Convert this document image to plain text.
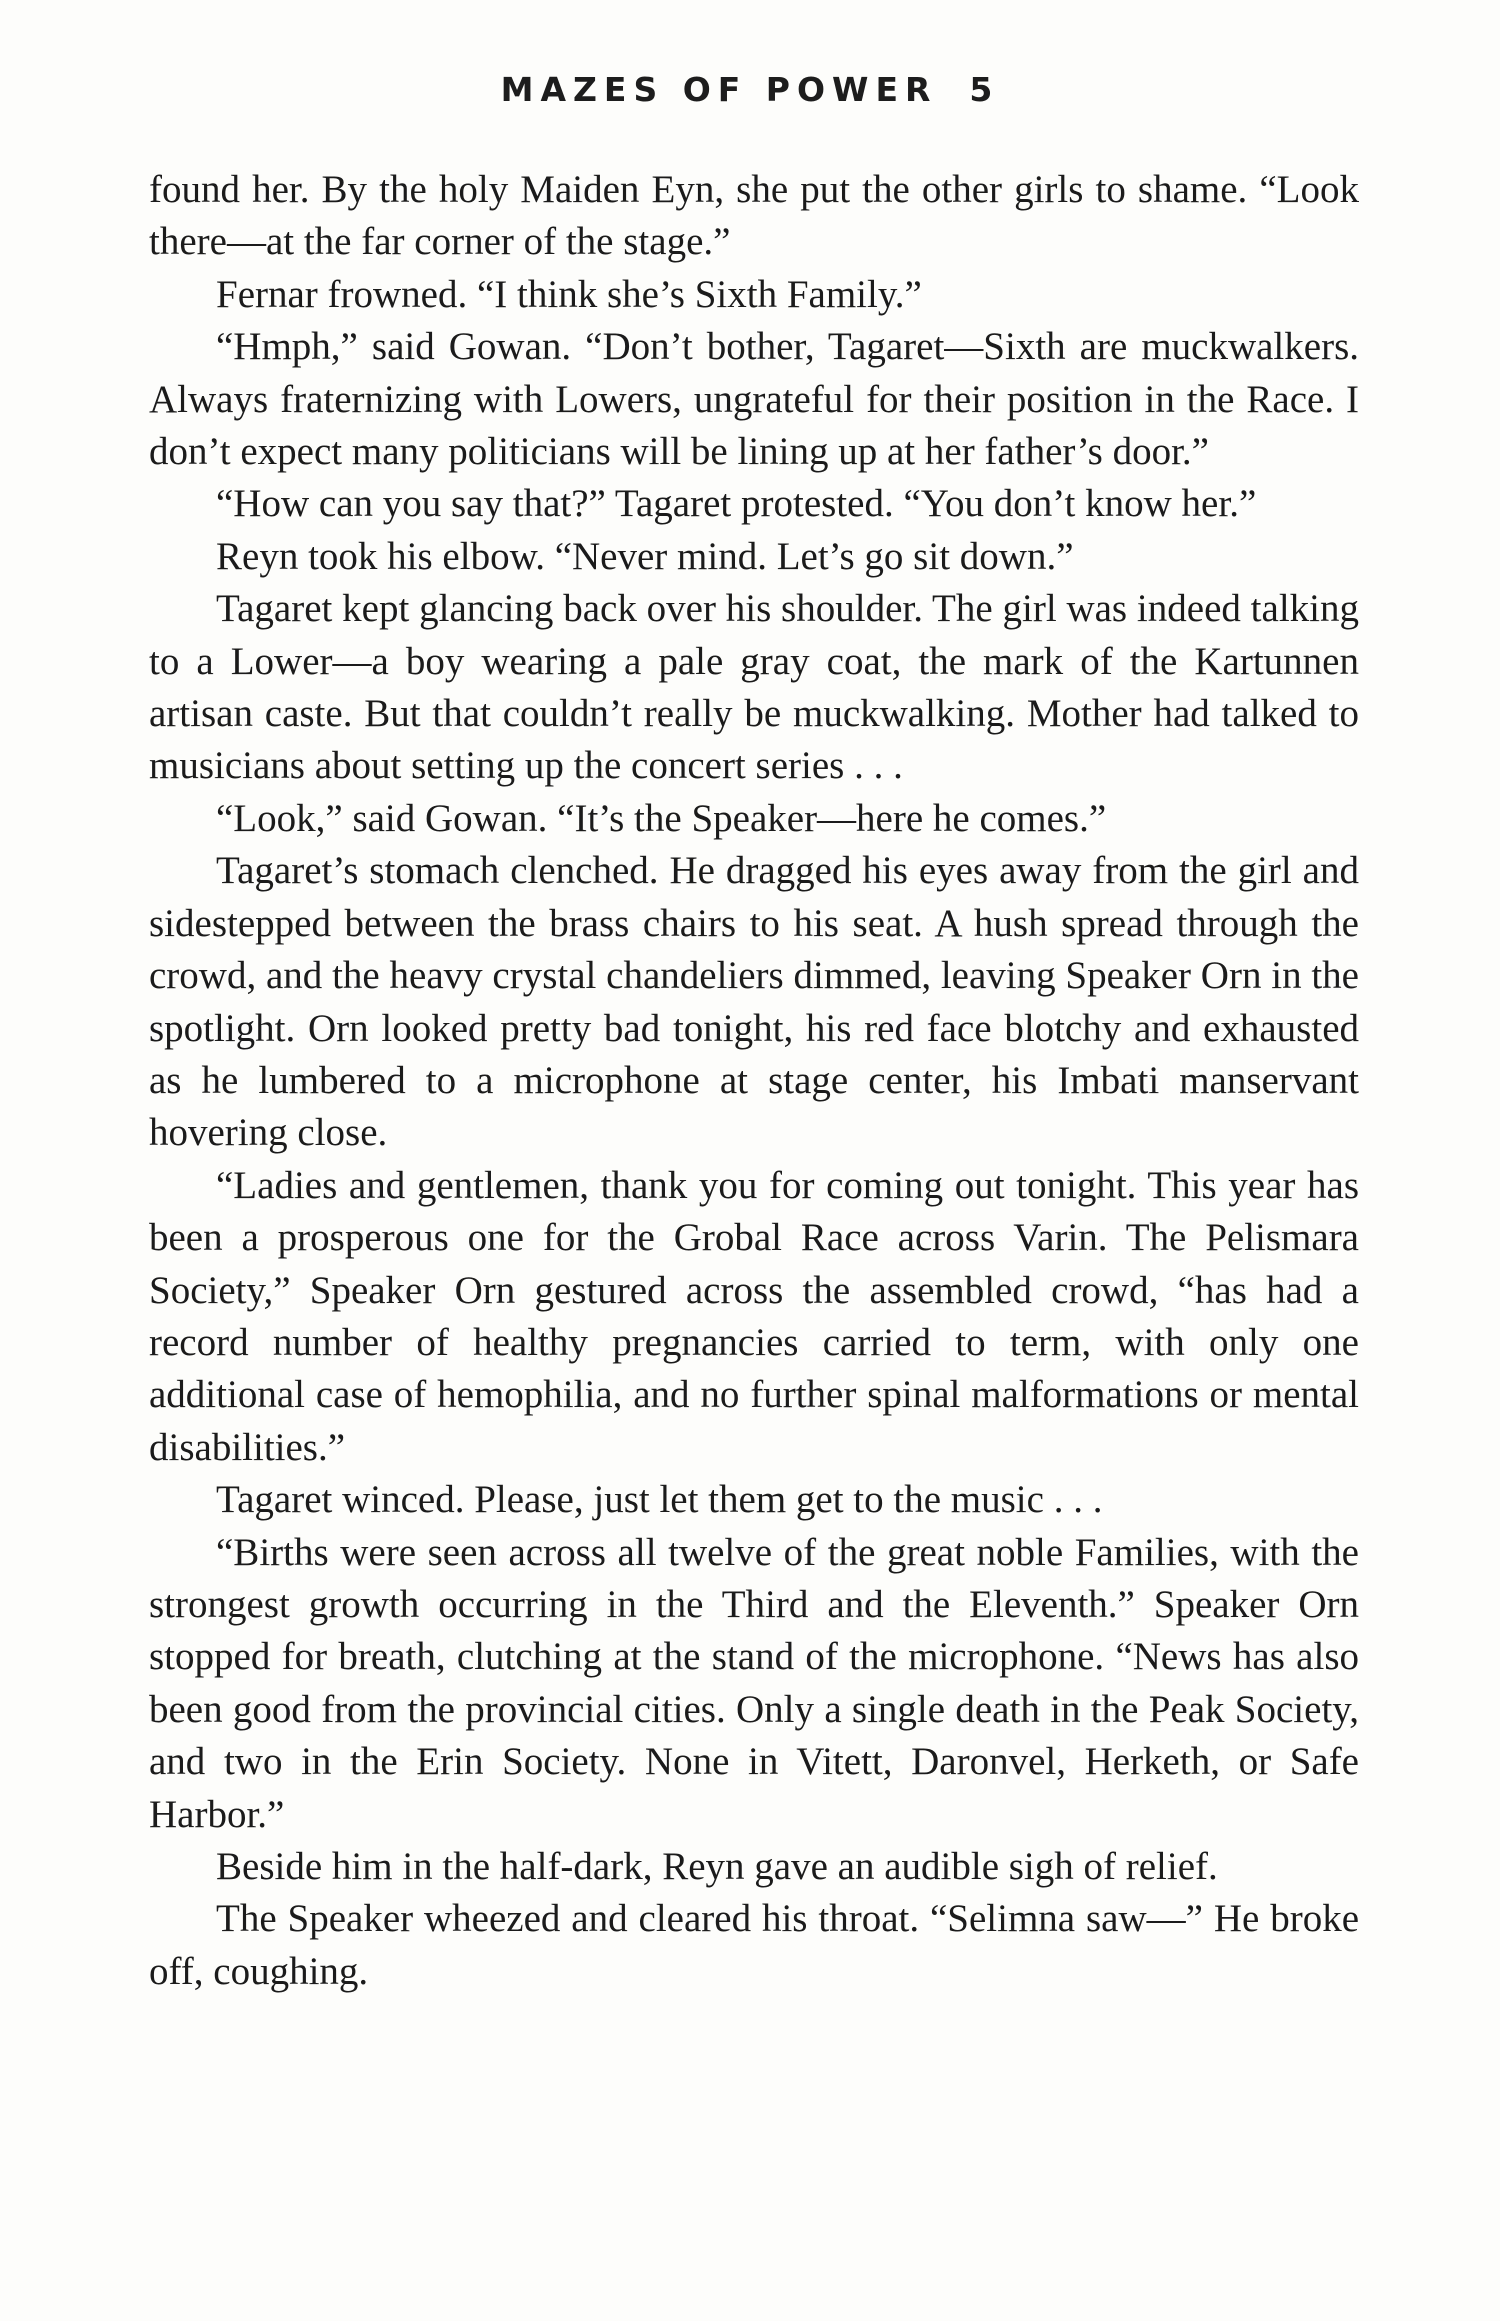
MAZES OF POWER 5

found her. By the holy Maiden Eyn, she put the other girls to shame. “Look there—at the far corner of the stage.”

Fernar frowned. “I think she’s Sixth Family.”

“Hmph,” said Gowan. “Don’t bother, Tagaret—Sixth are muckwalkers. Always fraternizing with Lowers, ungrateful for their position in the Race. I don’t expect many politicians will be lining up at her father’s door.”

“How can you say that?” Tagaret protested. “You don’t know her.”

Reyn took his elbow. “Never mind. Let’s go sit down.”

Tagaret kept glancing back over his shoulder. The girl was indeed talking to a Lower—a boy wearing a pale gray coat, the mark of the Kartunnen artisan caste. But that couldn’t really be muckwalking. Mother had talked to musicians about setting up the concert series . . .

“Look,” said Gowan. “It’s the Speaker—here he comes.”

Tagaret’s stomach clenched. He dragged his eyes away from the girl and sidestepped between the brass chairs to his seat. A hush spread through the crowd, and the heavy crystal chandeliers dimmed, leaving Speaker Orn in the spotlight. Orn looked pretty bad tonight, his red face blotchy and exhausted as he lumbered to a microphone at stage center, his Imbati manservant hovering close.

“Ladies and gentlemen, thank you for coming out tonight. This year has been a prosperous one for the Grobal Race across Varin. The Pelismara Society,” Speaker Orn gestured across the assembled crowd, “has had a record number of healthy pregnancies carried to term, with only one additional case of hemophilia, and no further spinal malformations or mental disabilities.”

Tagaret winced. Please, just let them get to the music . . .

“Births were seen across all twelve of the great noble Families, with the strongest growth occurring in the Third and the Eleventh.” Speaker Orn stopped for breath, clutching at the stand of the microphone. “News has also been good from the provincial cities. Only a single death in the Peak Society, and two in the Erin Society. None in Vitett, Daronvel, Herketh, or Safe Harbor.”

Beside him in the half-dark, Reyn gave an audible sigh of relief.

The Speaker wheezed and cleared his throat. “Selimna saw—” He broke off, coughing.
